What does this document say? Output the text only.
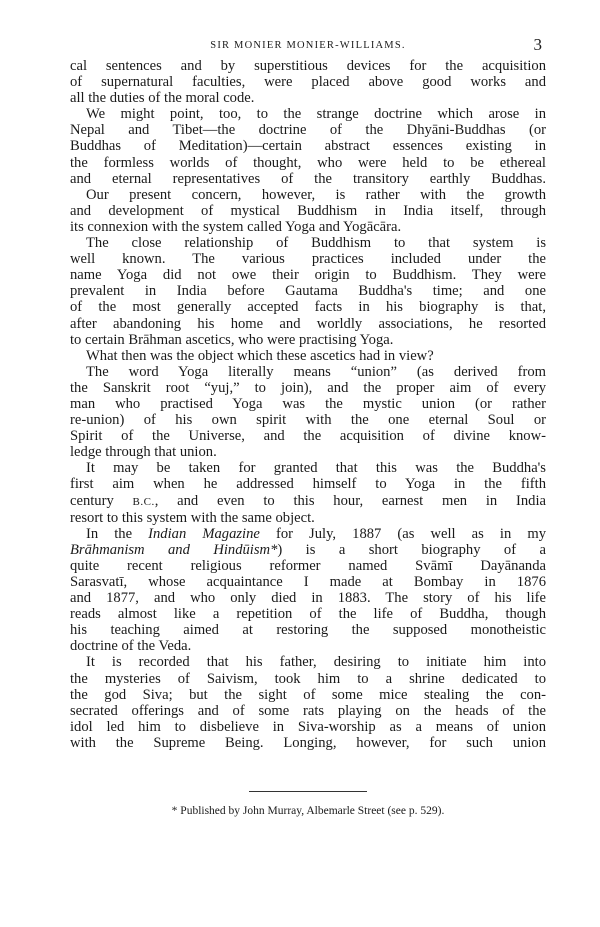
SIR MONIER MONIER-WILLIAMS.	3
cal sentences and by superstitious devices for the acquisition
of supernatural faculties, were placed above good works and
all the duties of the moral code.
We might point, too, to the strange doctrine which arose in
Nepal and Tibet—the doctrine of the Dhyāni-Buddhas (or
Buddhas of Meditation)—certain abstract essences existing in
the formless worlds of thought, who were held to be ethereal
and eternal representatives of the transitory earthly Buddhas.
Our present concern, however, is rather with the growth
and development of mystical Buddhism in India itself, through
its connexion with the system called Yoga and Yogācāra.
The close relationship of Buddhism to that system is
well known. The various practices included under the
name Yoga did not owe their origin to Buddhism. They were
prevalent in India before Gautama Buddha's time; and one
of the most generally accepted facts in his biography is that,
after abandoning his home and worldly associations, he resorted
to certain Brāhman ascetics, who were practising Yoga.
What then was the object which these ascetics had in view?
The word Yoga literally means “union” (as derived from
the Sanskrit root “yuj,” to join), and the proper aim of every
man who practised Yoga was the mystic union (or rather
re-union) of his own spirit with the one eternal Soul or
Spirit of the Universe, and the acquisition of divine know-
ledge through that union.
It may be taken for granted that this was the Buddha's
first aim when he addressed himself to Yoga in the fifth
century B.C., and even to this hour, earnest men in India
resort to this system with the same object.
In the Indian Magazine for July, 1887 (as well as in my
Brāhmanism and Hindūism*) is a short biography of a
quite recent religious reformer named Svāmī Dayānanda
Sarasvatī, whose acquaintance I made at Bombay in 1876
and 1877, and who only died in 1883. The story of his life
reads almost like a repetition of the life of Buddha, though
his teaching aimed at restoring the supposed monotheistic
doctrine of the Veda.
It is recorded that his father, desiring to initiate him into
the mysteries of Saivism, took him to a shrine dedicated to
the god Siva; but the sight of some mice stealing the con-
secrated offerings and of some rats playing on the heads of the
idol led him to disbelieve in Siva-worship as a means of union
with the Supreme Being. Longing, however, for such union
* Published by John Murray, Albemarle Street (see p. 529).
